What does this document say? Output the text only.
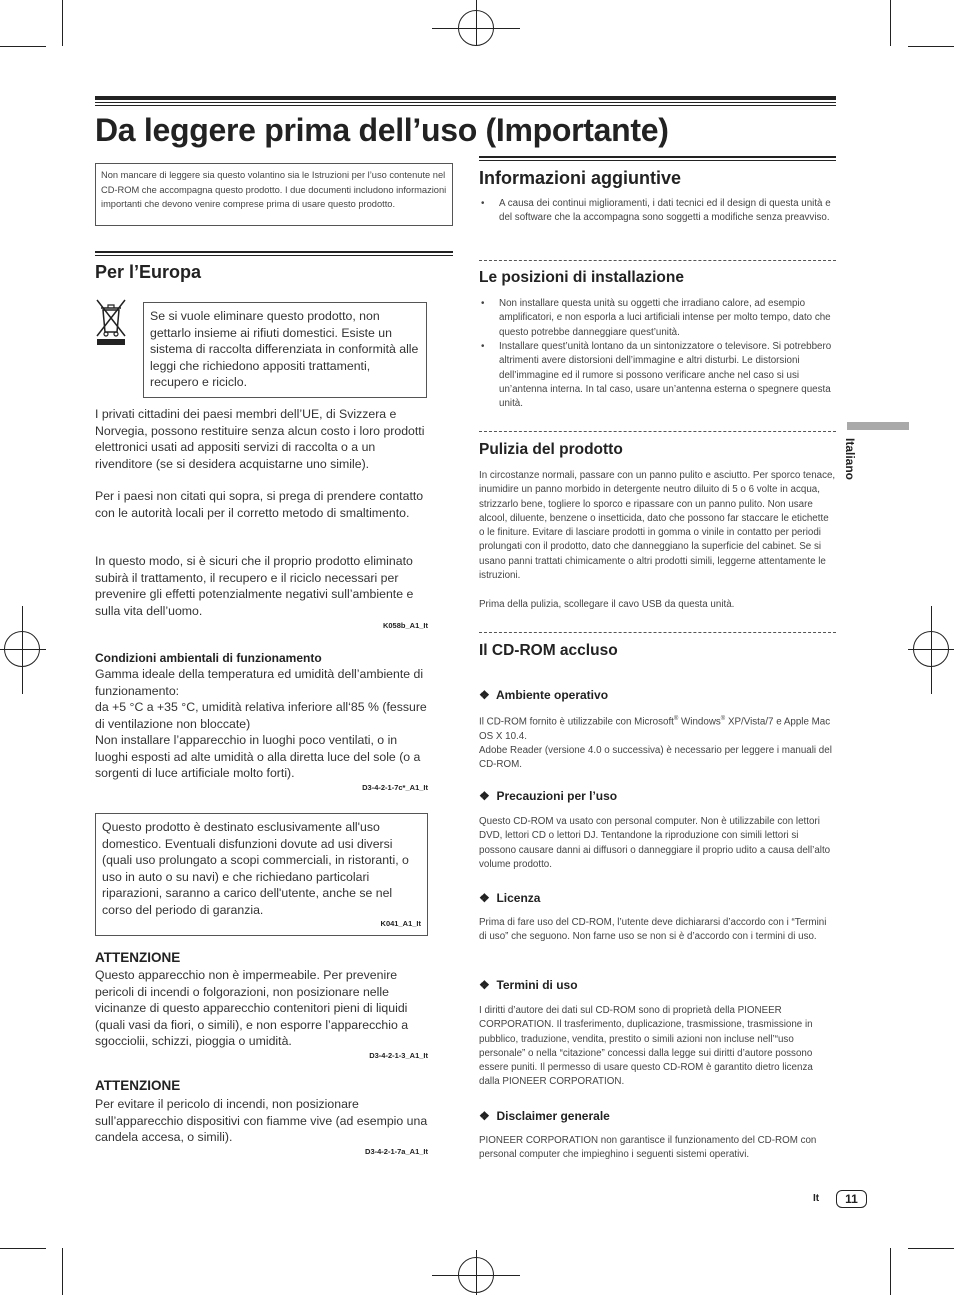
Da leggere prima dell’uso (Importante)
Non mancare di leggere sia questo volantino sia le Istruzioni per l’uso contenute nel CD-ROM che accompagna questo prodotto. I due documenti includono informazioni importanti che devono venire comprese prima di usare questo prodotto.
Per l’Europa
Se si vuole eliminare questo prodotto, non gettarlo insieme ai rifiuti domestici. Esiste un sistema di raccolta differenziata in conformità alle leggi che richiedono appositi trattamenti, recupero e riciclo.
I privati cittadini dei paesi membri dell’UE, di Svizzera e Norvegia, possono restituire senza alcun costo i loro prodotti elettronici usati ad appositi servizi di raccolta o a un rivenditore (se si desidera acquistarne uno simile).
Per i paesi non citati qui sopra, si prega di prendere contatto con le autorità locali per il corretto metodo di smaltimento.
In questo modo, si è sicuri che il proprio prodotto eliminato subirà il trattamento, il recupero e il riciclo necessari per prevenire gli effetti potenzialmente negativi sull’ambiente e sulla vita dell’uomo.
K058b_A1_It
Condizioni ambientali di funzionamento
Gamma ideale della temperatura ed umidità dell’ambiente di funzionamento:
da +5 °C a +35 °C, umidità relativa inferiore all‘85 % (fessure di ventilazione non bloccate)
Non installare l’apparecchio in luoghi poco ventilati, o in luoghi esposti ad alte umidità o alla diretta luce del sole (o a sorgenti di luce artificiale molto forti).
D3-4-2-1-7c*_A1_It
Questo prodotto è destinato esclusivamente all'uso domestico. Eventuali disfunzioni dovute ad usi diversi (quali uso prolungato a scopi commerciali, in ristoranti, o uso in auto o su navi) e che richiedano particolari riparazioni, saranno a carico dell'utente, anche se nel corso del periodo di garanzia.
K041_A1_It
ATTENZIONE
Questo apparecchio non è impermeabile. Per prevenire pericoli di incendi o folgorazioni, non posizionare nelle vicinanze di questo apparecchio contenitori pieni di liquidi (quali vasi da fiori, o simili), e non esporre l’apparecchio a sgocciolii, schizzi, pioggia o umidità.
D3-4-2-1-3_A1_It
ATTENZIONE
Per evitare il pericolo di incendi, non posizionare sull’apparecchio dispositivi con fiamme vive (ad esempio una candela accesa, o simili).
D3-4-2-1-7a_A1_It
Informazioni aggiuntive
• A causa dei continui miglioramenti, i dati tecnici ed il design di questa unità e del software che la accompagna sono soggetti a modifiche senza preavviso.
Le posizioni di installazione
• Non installare questa unità su oggetti che irradiano calore, ad esempio amplificatori, e non esporla a luci artificiali intense per molto tempo, dato che questo potrebbe danneggiare quest’unità.
• Installare quest’unità lontano da un sintonizzatore o televisore. Si potrebbero altrimenti avere distorsioni dell’immagine e altri disturbi. Le distorsioni dell’immagine ed il rumore si possono verificare anche nel caso si usi un’antenna interna. In tal caso, usare un’antenna esterna o spegnere questa unità.
Pulizia del prodotto
In circostanze normali, passare con un panno pulito e asciutto. Per sporco tenace, inumidire un panno morbido in detergente neutro diluito di 5 o 6 volte in acqua, strizzarlo bene, togliere lo sporco e ripassare con un panno pulito. Non usare alcool, diluente, benzene o insetticida, dato che possono far staccare le etichette o le finiture. Evitare di lasciare prodotti in gomma o vinile in contatto per periodi prolungati con il prodotto, dato che danneggiano la superficie del cabinet. Se si usano panni trattati chimicamente o altri prodotti simili, leggerne attentamente le istruzioni.
Prima della pulizia, scollegare il cavo USB da questa unità.
Il CD-ROM accluso
❖ Ambiente operativo

Il CD-ROM fornito è utilizzabile con Microsoft® Windows® XP/Vista/7 e Apple Mac OS X 10.4.

Adobe Reader (versione 4.0 o successiva) è necessario per leggere i manuali del CD-ROM.

❖ Precauzioni per l’uso
Questo CD-ROM va usato con personal computer. Non è utilizzabile con lettori DVD, lettori CD o lettori DJ. Tentandone la riproduzione con simili lettori si possono causare danni ai diffusori o danneggiare il proprio udito a causa dell’alto volume prodotto.
❖ Licenza
Prima di fare uso del CD-ROM, l’utente deve dichiararsi d’accordo con i “Termini di uso” che seguono. Non farne uso se non si è d’accordo con i termini di uso.
❖ Termini di uso
I diritti d’autore dei dati sul CD-ROM sono di proprietà della PIONEER CORPORATION. Il trasferimento, duplicazione, trasmissione, trasmissione in pubblico, traduzione, vendita, prestito o simili azioni non incluse nell’“uso personale” o nella “citazione” concessi dalla legge sui diritti d’autore possono essere puniti. Il permesso di usare questo CD-ROM è garantito dietro licenza dalla PIONEER CORPORATION.
❖ Disclaimer generale
PIONEER CORPORATION non garantisce il funzionamento del CD-ROM con personal computer che impieghino i seguenti sistemi operativi.
Italiano
It	11
